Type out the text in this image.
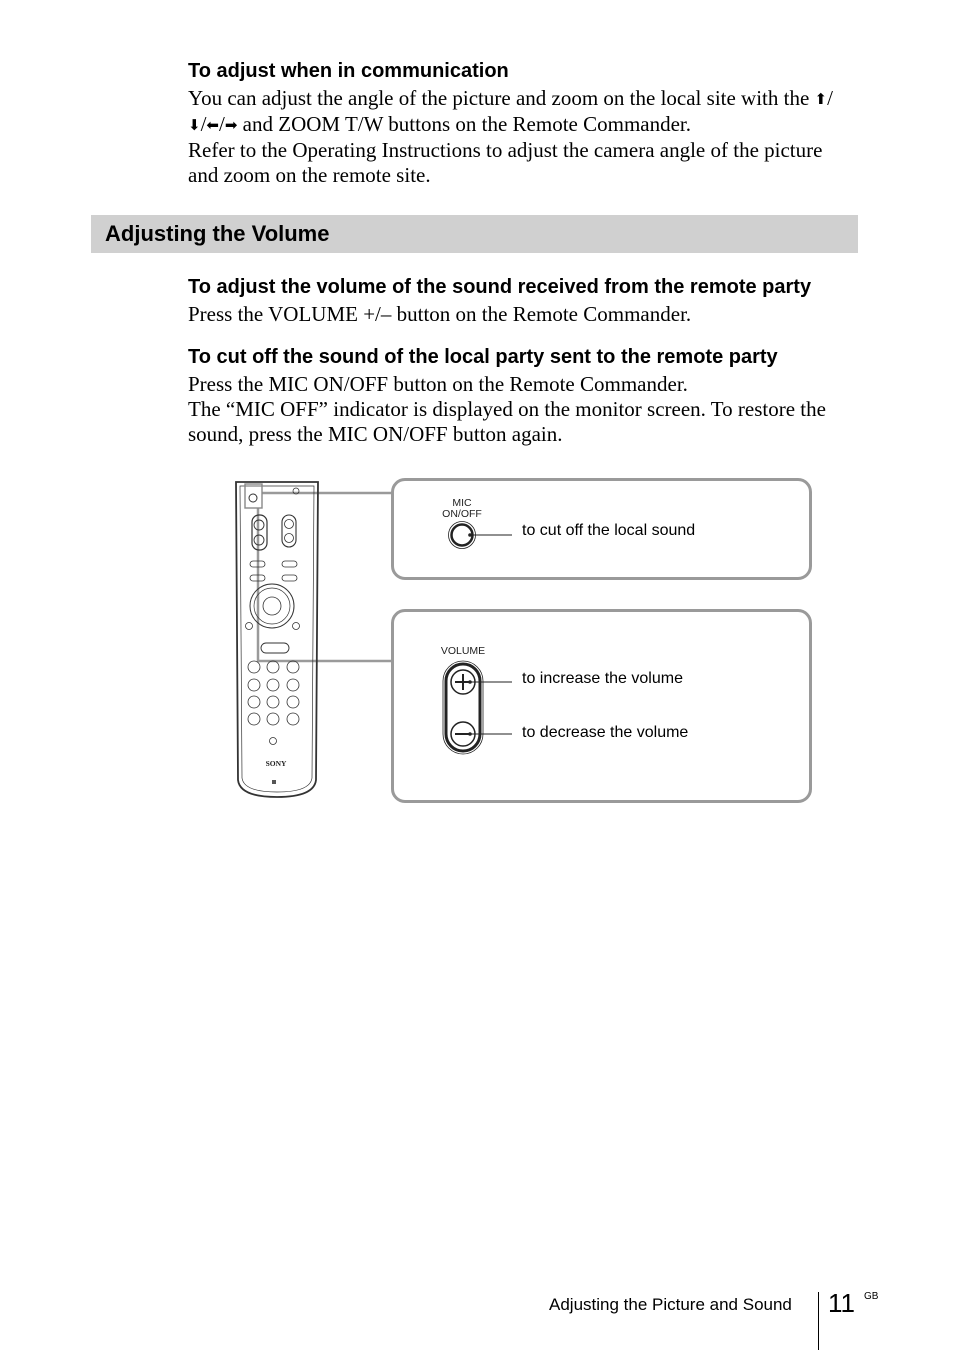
To adjust when in communication

You can adjust the angle of the picture and zoom on the local site with the ⬆/

⬇/⬅/➡ and ZOOM T/W buttons on the Remote Commander.

Refer to the Operating Instructions to adjust the camera angle of the picture and zoom on the remote site.

Adjusting the Volume
To adjust the volume of the sound received from the remote party
Press the VOLUME +/– button on the Remote Commander.
To cut off the sound of the local party sent to the remote party

Press the MIC ON/OFF button on the Remote Commander.

The “MIC OFF” indicator is displayed on the monitor screen. To restore the sound, press the MIC ON/OFF button again.

SONY
MIC
ON/OFF
to cut off the local sound
VOLUME
to increase the volume
to decrease the volume
Adjusting the Picture and Sound 11 GB
